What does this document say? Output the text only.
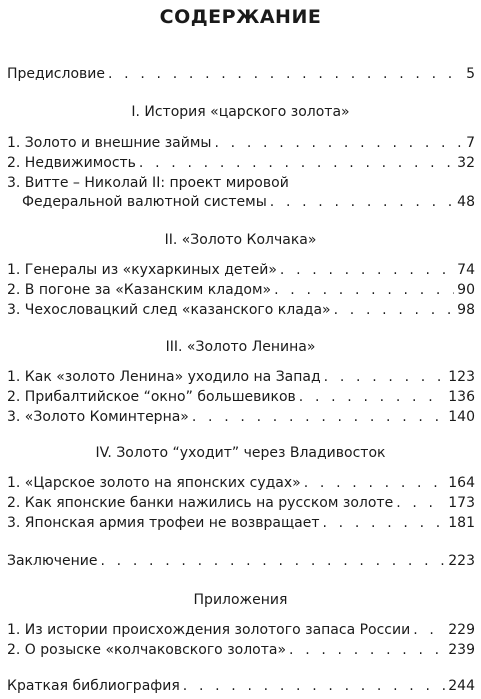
СОДЕРЖАНИЕ
Предисловие . . .	5
I. История «царского золота»
1. Золото и внешние займы . . .	7
2. Недвижимость . . .	32
3. Витте – Николай II: проект мировой
Федеральной валютной системы . . .	48
II. «Золото Колчака»
1. Генералы из «кухаркиных детей» . . .	74
2. В погоне за «Казанским кладом» . . .	90
3. Чехословацкий след «казанского клада» . . .	98
III. «Золото Ленина»
1. Как «золото Ленина» уходило на Запад . . .	123
2. Прибалтийское “окно” большевиков . . .	136
3. «Золото Коминтерна» . . .	140
IV. Золото “уходит” через Владивосток
1. «Царское золото на японских судах» . . .	164
2. Как японские банки нажились на русском золоте . . .	173
3. Японская армия трофеи не возвращает . . .	181
Заключение . . .	223
Приложения
1. Из истории происхождения золотого запаса России . . .	229
2. О розыске «колчаковского золота» . . .	239
Краткая библиография . . .	244
